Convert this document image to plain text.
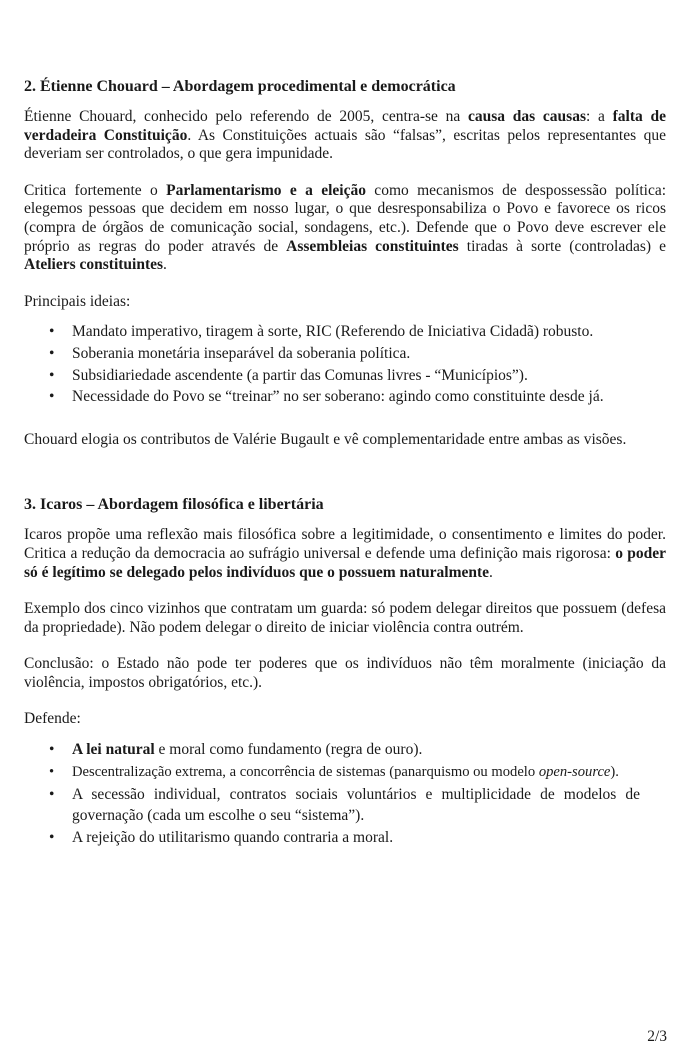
2. Étienne Chouard – Abordagem procedimental e democrática

Étienne Chouard, conhecido pelo referendo de 2005, centra-se na causa das causas: a falta de verdadeira Constituição. As Constituições actuais são “falsas”, escritas pelos representantes que deveriam ser controlados, o que gera impunidade.

Critica fortemente o Parlamentarismo e a eleição como mecanismos de despossessão política: elegemos pessoas que decidem em nosso lugar, o que desresponsabiliza o Povo e favorece os ricos (compra de órgãos de comunicação social, sondagens, etc.). Defende que o Povo deve escrever ele próprio as regras do poder através de Assembleias constituintes tiradas à sorte (controladas) e Ateliers constituintes.

Principais ideias:

• Mandato imperativo, tiragem à sorte, RIC (Referendo de Iniciativa Cidadã) robusto.
• Soberania monetária inseparável da soberania política.
• Subsidiariedade ascendente (a partir das Comunas livres - “Municípios”).
• Necessidade do Povo se “treinar” no ser soberano: agindo como constituinte desde já.

Chouard elogia os contributos de Valérie Bugault e vê complementaridade entre ambas as visões.

3. Icaros – Abordagem filosófica e libertária

Icaros propõe uma reflexão mais filosófica sobre a legitimidade, o consentimento e limites do poder. Critica a redução da democracia ao sufrágio universal e defende uma definição mais rigorosa: o poder só é legítimo se delegado pelos indivíduos que o possuem naturalmente.

Exemplo dos cinco vizinhos que contratam um guarda: só podem delegar direitos que possuem (defesa da propriedade). Não podem delegar o direito de iniciar violência contra outrém.

Conclusão: o Estado não pode ter poderes que os indivíduos não têm moralmente (iniciação da violência, impostos obrigatórios, etc.).

Defende:

• A lei natural e moral como fundamento (regra de ouro).
• Descentralização extrema, a concorrência de sistemas (panarquismo ou modelo open-source).
• A secessão individual, contratos sociais voluntários e multiplicidade de modelos de governação (cada um escolhe o seu “sistema”).
• A rejeição do utilitarismo quando contraria a moral.
2/3
